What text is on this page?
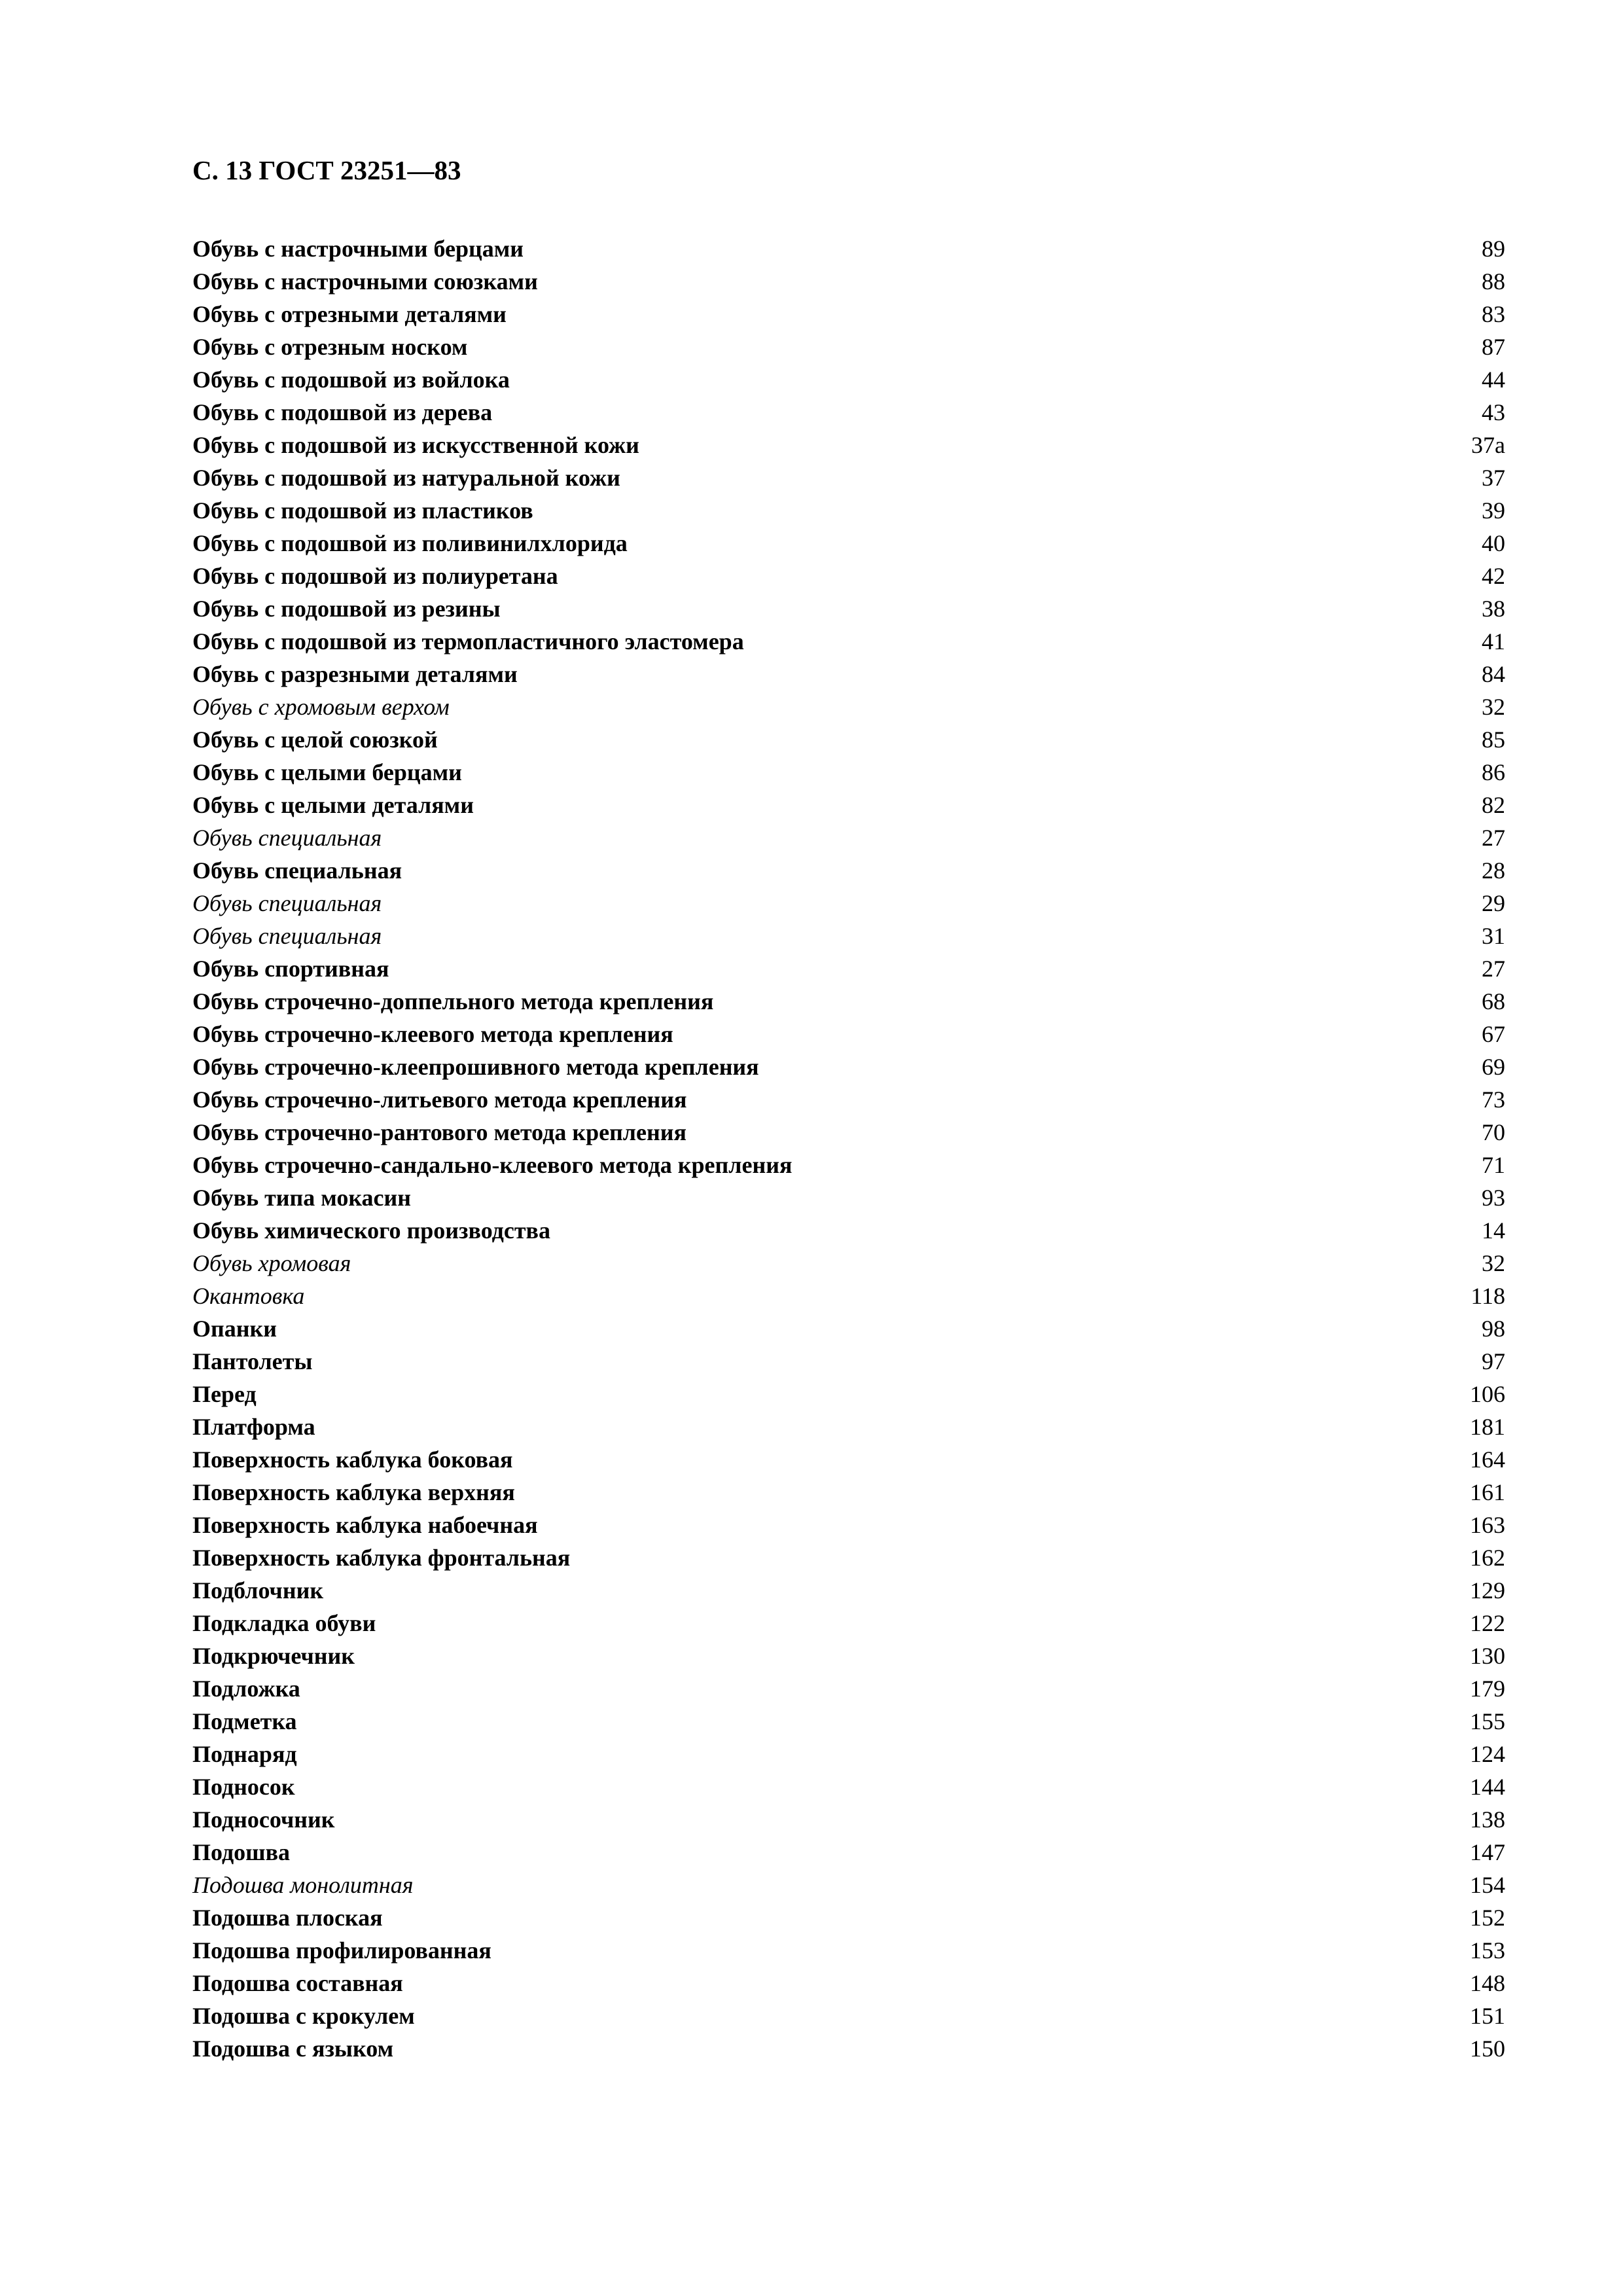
С. 13 ГОСТ 23251—83
Обувь с настрочными берцами	89
Обувь с настрочными союзками	88
Обувь с отрезными деталями	83
Обувь с отрезным носком	87
Обувь с подошвой из войлока	44
Обувь с подошвой из дерева	43
Обувь с подошвой из искусственной кожи	37а
Обувь с подошвой из натуральной кожи	37
Обувь с подошвой из пластиков	39
Обувь с подошвой из поливинилхлорида	40
Обувь с подошвой из полиуретана	42
Обувь с подошвой из резины	38
Обувь с подошвой из термопластичного эластомера	41
Обувь с разрезными деталями	84
Обувь с хромовым верхом	32
Обувь с целой союзкой	85
Обувь с целыми берцами	86
Обувь с целыми деталями	82
Обувь специальная	27
Обувь специальная	28
Обувь специальная	29
Обувь специальная	31
Обувь спортивная	27
Обувь строчечно-доппельного метода крепления	68
Обувь строчечно-клеевого метода крепления	67
Обувь строчечно-клеепрошивного метода крепления	69
Обувь строчечно-литьевого метода крепления	73
Обувь строчечно-рантового метода крепления	70
Обувь строчечно-сандально-клеевого метода крепления	71
Обувь типа мокасин	93
Обувь химического производства	14
Обувь хромовая	32
Окантовка	118
Опанки	98
Пантолеты	97
Перед	106
Платформа	181
Поверхность каблука боковая	164
Поверхность каблука верхняя	161
Поверхность каблука набоечная	163
Поверхность каблука фронтальная	162
Подблочник	129
Подкладка обуви	122
Подкрючечник	130
Подложка	179
Подметка	155
Поднаряд	124
Подносок	144
Подносочник	138
Подошва	147
Подошва монолитная	154
Подошва плоская	152
Подошва профилированная	153
Подошва составная	148
Подошва с крокулем	151
Подошва с языком	150
